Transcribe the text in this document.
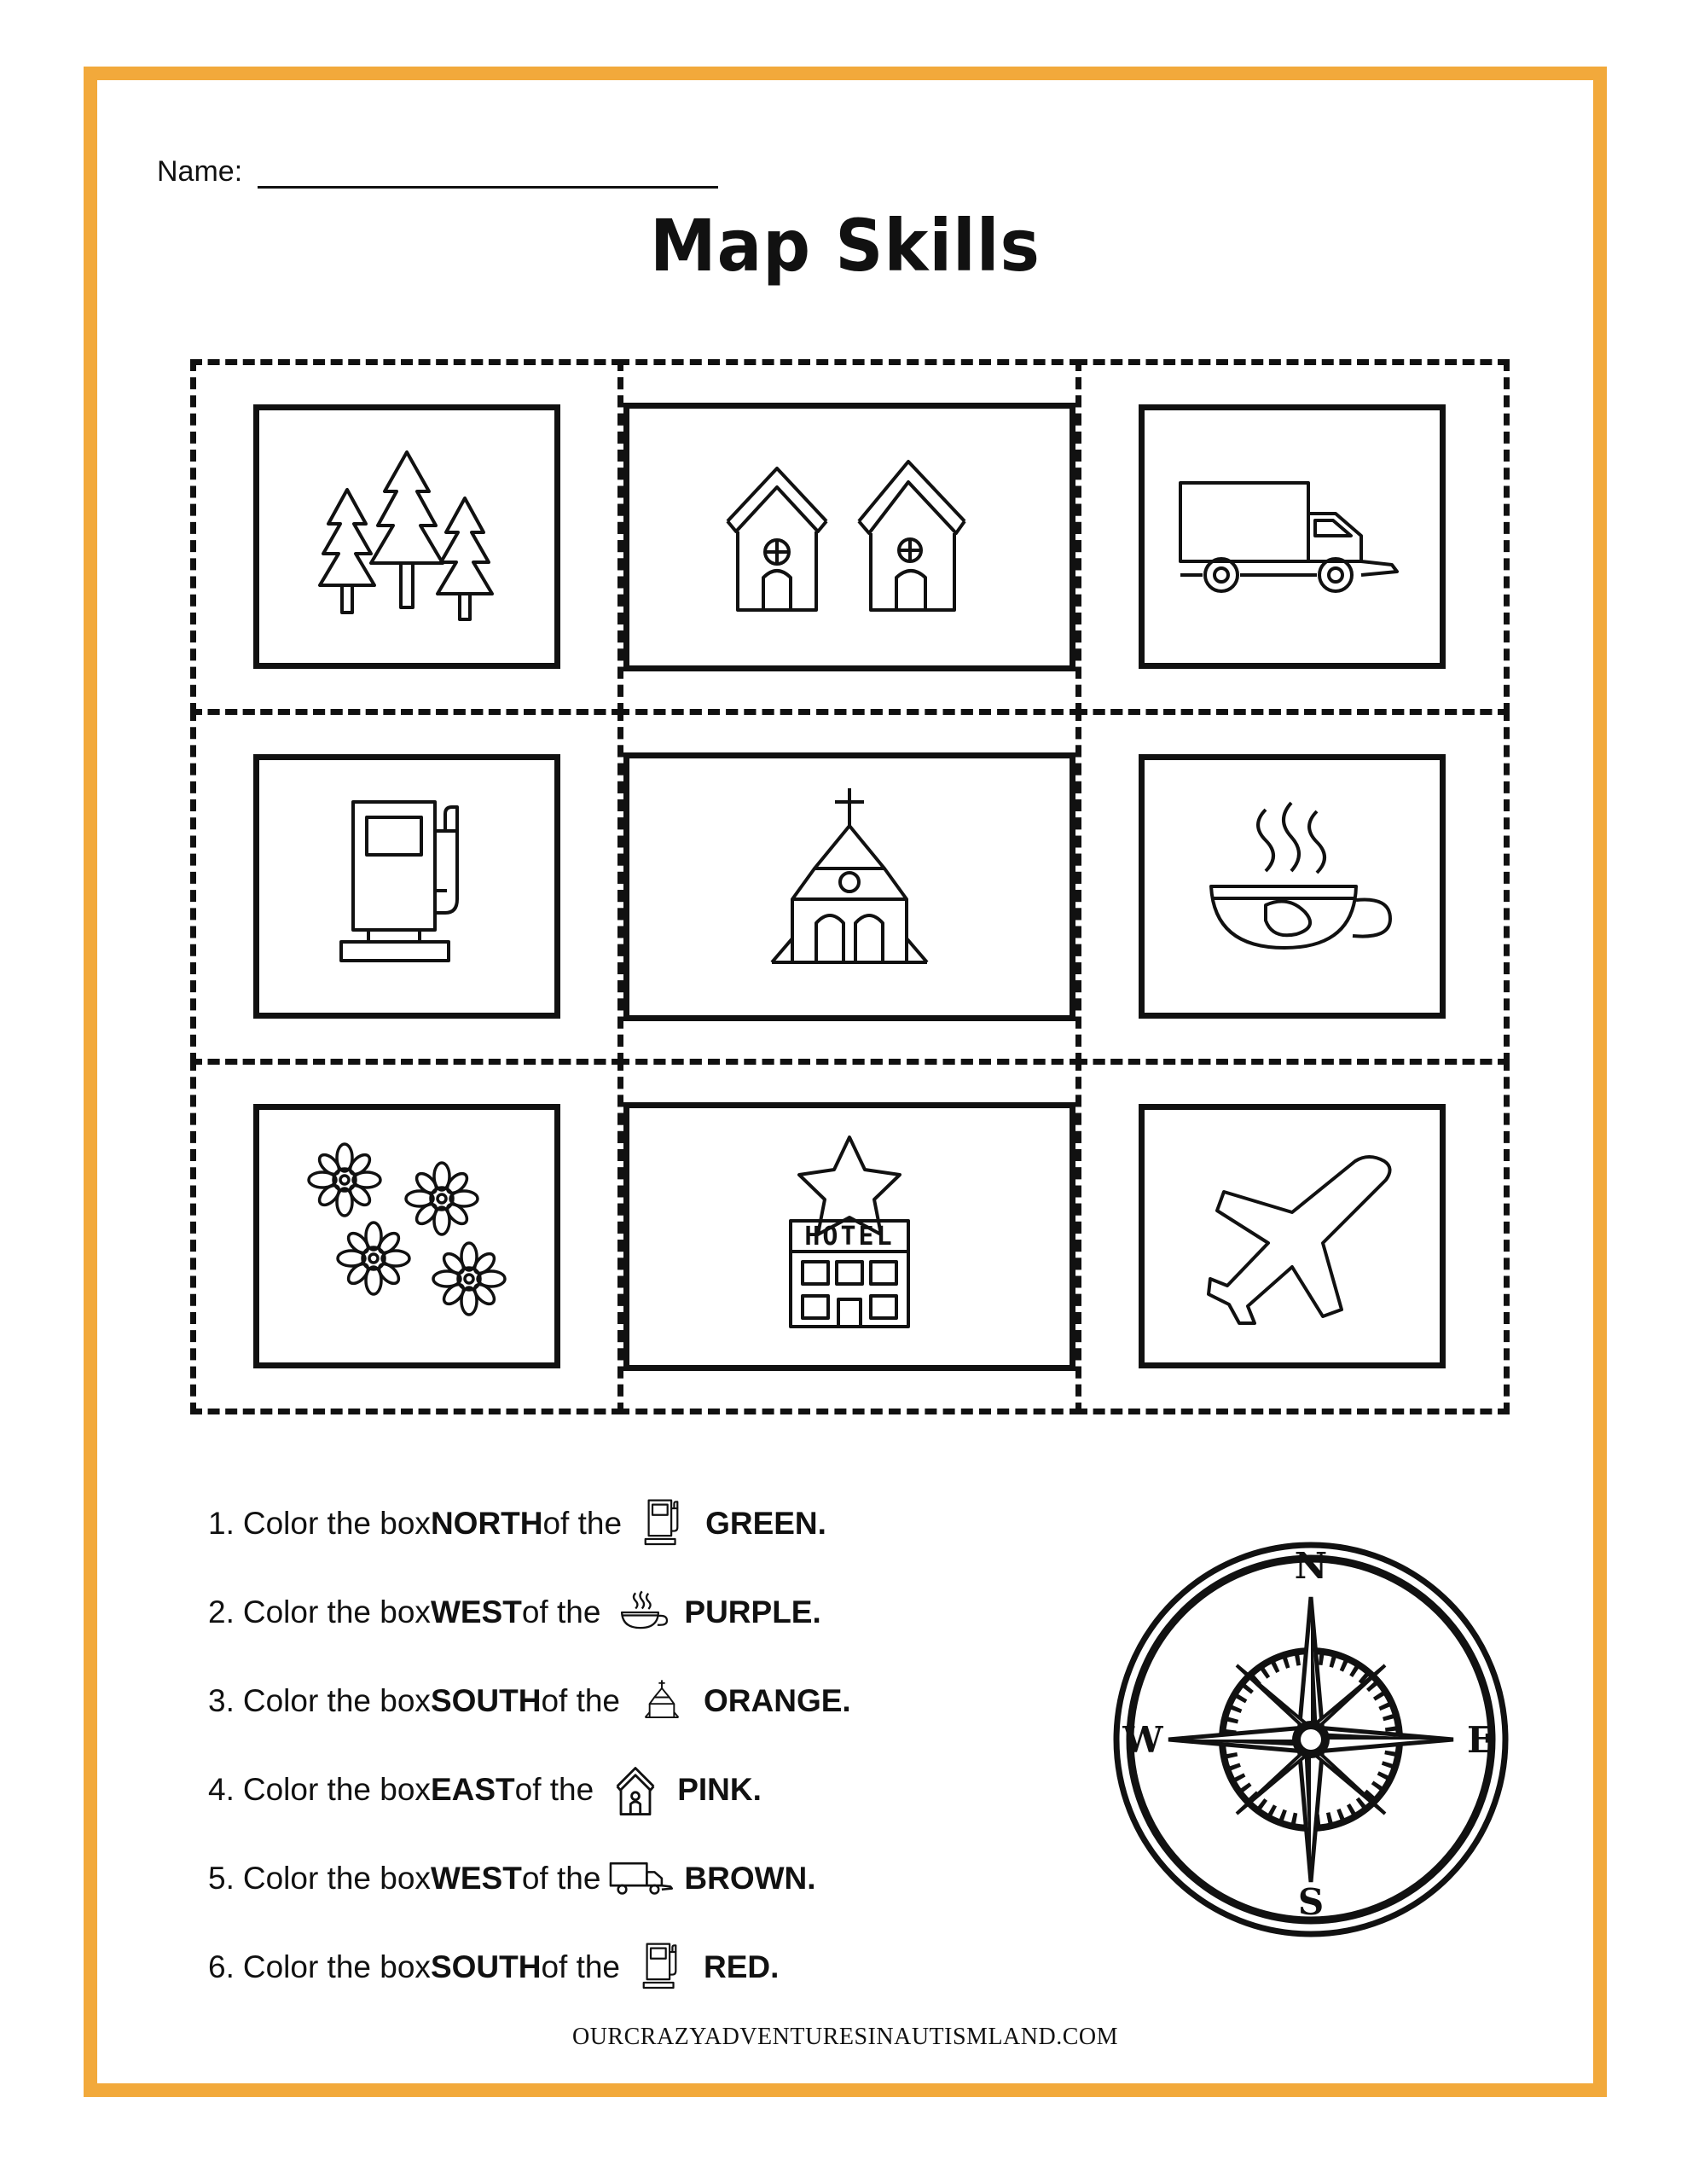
Name:
Map Skills
HOTEL
1. Color the box NORTH of the	GREEN .
2. Color the box WEST of the	PURPLE .
3. Color the box SOUTH of the	ORANGE .
4. Color the box EAST of the	PINK .
5. Color the box WEST of the	BROWN .
6. Color the box SOUTH of the	RED .
N
S
E
W
OURCRAZYADVENTURESINAUTISMLAND.COM
